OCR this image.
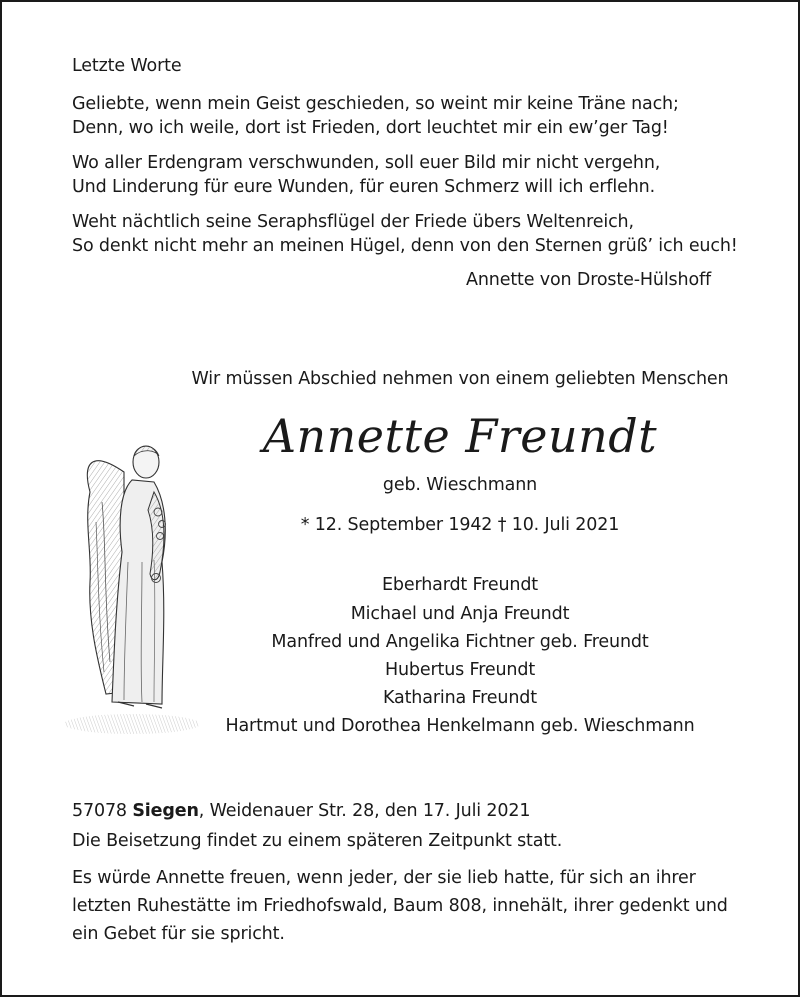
Letzte Worte

Geliebte, wenn mein Geist geschieden, so weint mir keine Träne nach;

Denn, wo ich weile, dort ist Frieden, dort leuchtet mir ein ew’ger Tag!

Wo aller Erdengram verschwunden, soll euer Bild mir nicht vergehn,

Und Linderung für eure Wunden, für euren Schmerz will ich erflehn.

Weht nächtlich seine Seraphsflügel der Friede übers Weltenreich,

So denkt nicht mehr an meinen Hügel, denn von den Sternen grüß’ ich euch!

Annette von Droste-Hülshoff

Wir müssen Abschied nehmen von einem geliebten Menschen

Annette Freundt

geb. Wieschmann

* 12. September 1942 † 10. Juli 2021

Eberhardt Freundt

Michael und Anja Freundt

Manfred und Angelika Fichtner geb. Freundt

Hubertus Freundt

Katharina Freundt

Hartmut und Dorothea Henkelmann geb. Wieschmann

57078 Siegen, Weidenauer Str. 28, den 17. Juli 2021

Die Beisetzung findet zu einem späteren Zeitpunkt statt.

Es würde Annette freuen, wenn jeder, der sie lieb hatte, für sich an ihrer

letzten Ruhestätte im Friedhofswald, Baum 808, innehält, ihrer gedenkt und

ein Gebet für sie spricht.
